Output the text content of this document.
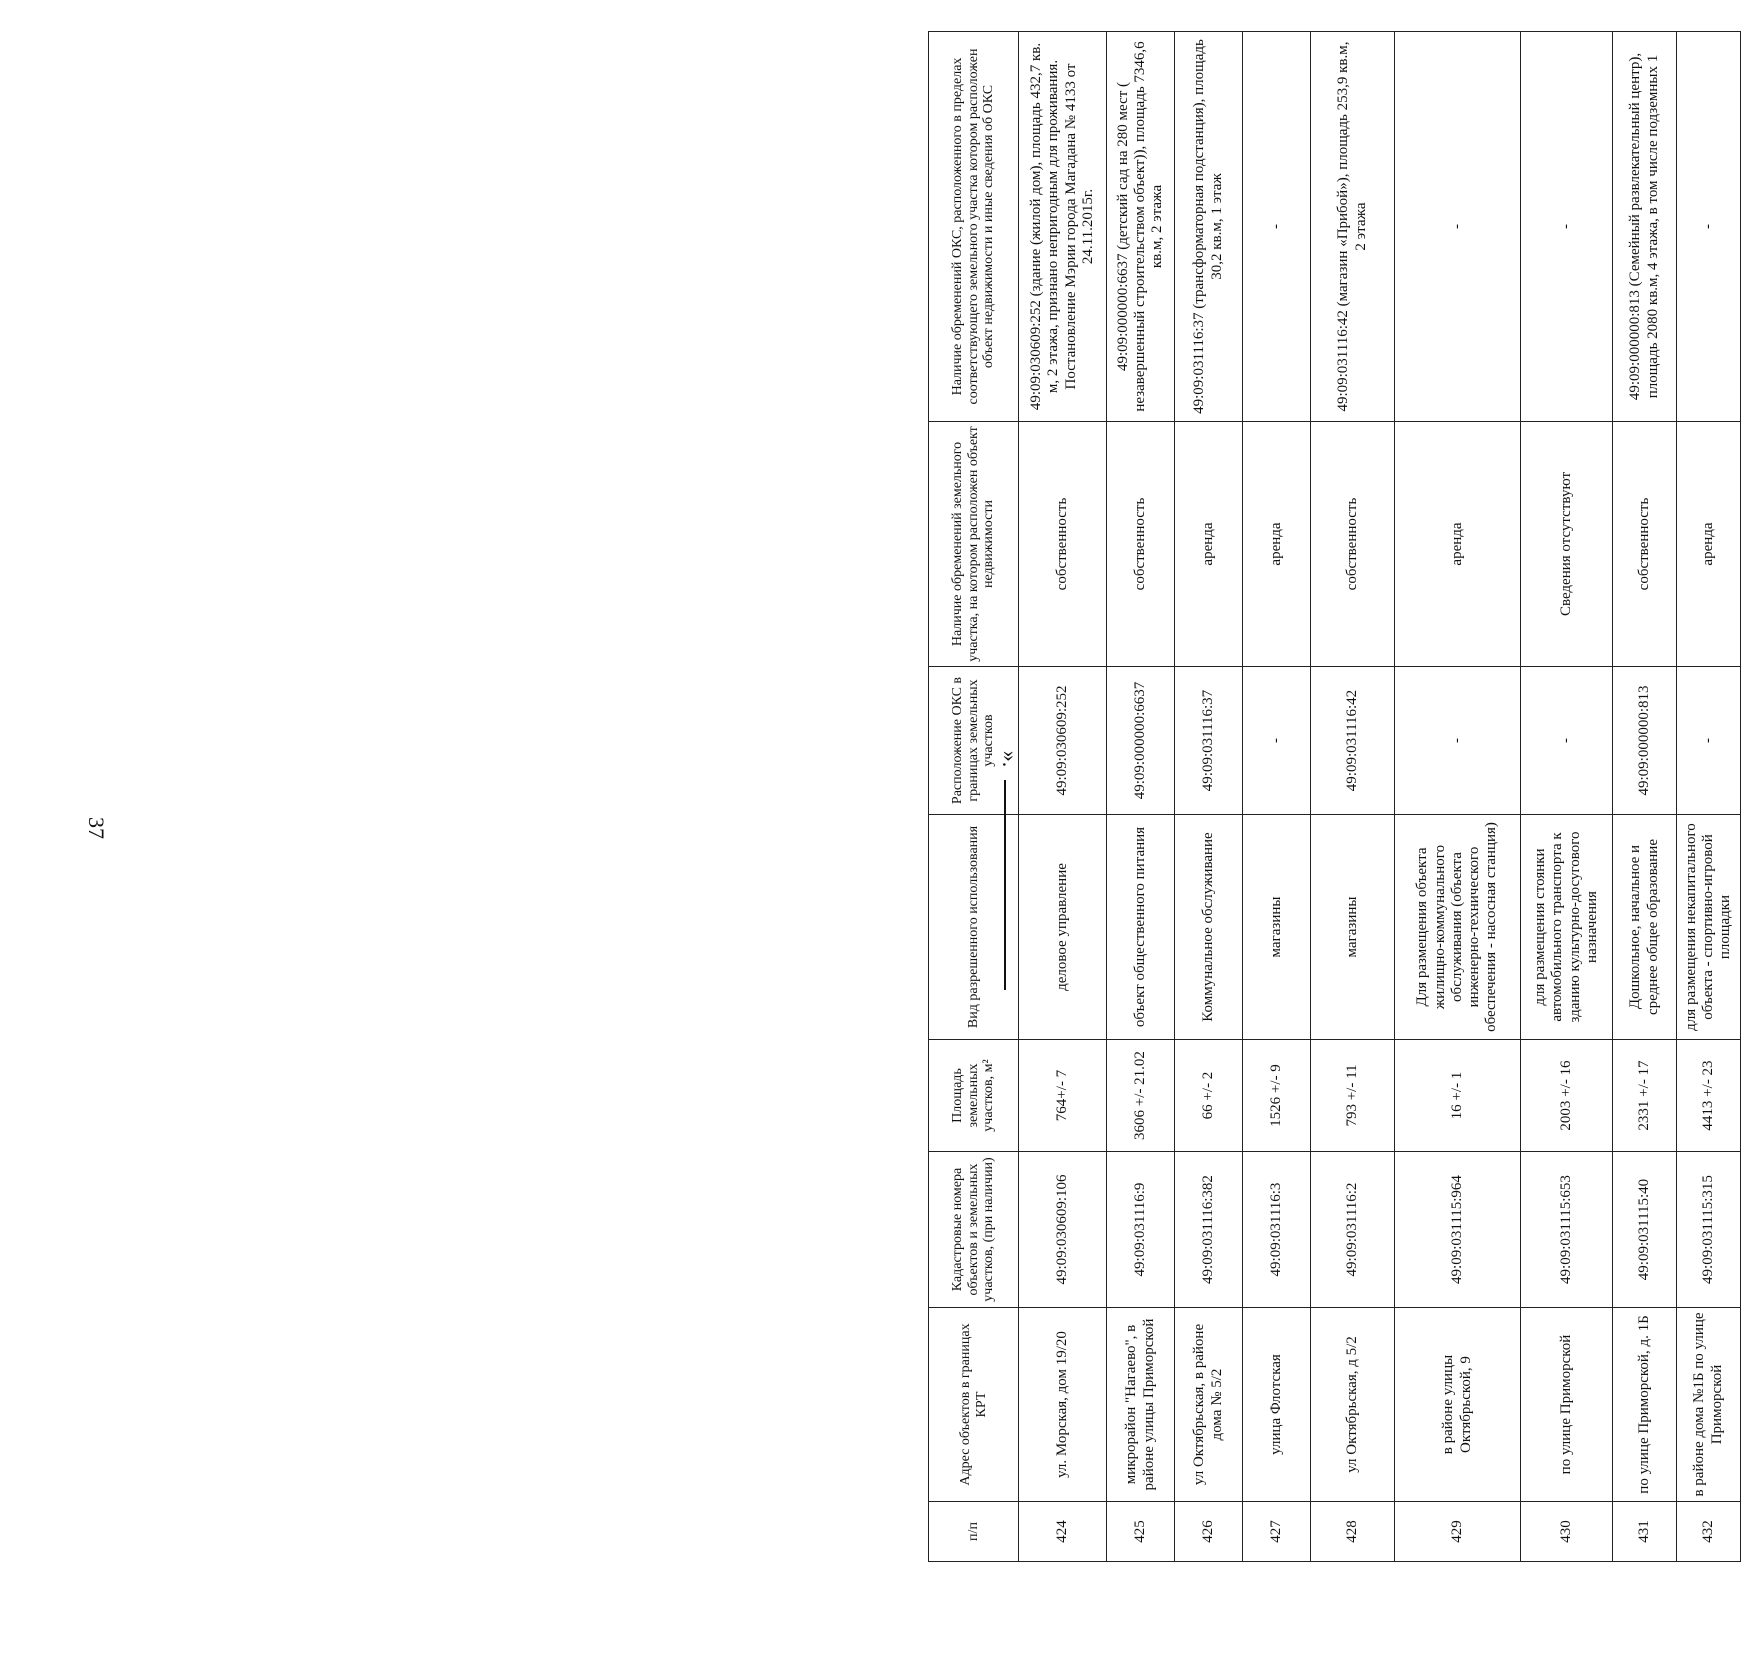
37
п/п	Адрес объектов в границах КРТ	Кадастровые номера объектов и земельных участков, (при наличии)	Площадь земельных участков, м²	Вид разрешенного использования	Расположение ОКС в границах земельных участков	Наличие обременений земельного участка, на котором расположен объект недвижимости	Наличие обременений ОКС, расположенного в пределах соответствующего земельного участка котором расположен объект недвижимости и иные сведения об ОКС
424	ул. Морская, дом 19/20	49:09:030609:106	764+/- 7	деловое управление	49:09:030609:252	собственность	49:09:030609:252 (здание (жилой дом), площадь 432,7 кв. м, 2 этажа, признано непригодным для проживания. Постановление Мэрии города Магадана № 4133 от 24.11.2015г.
425	микрорайон "Нагаево", в районе улицы Приморской	49:09:031116:9	3606 +/- 21.02	объект общественного питания	49:09:000000:6637	собственность	49:09:000000:6637 (детский сад на 280 мест ( незавершенный строительством объект)), площадь 7346,6 кв.м, 2 этажа
426	ул Октябрьская, в районе дома № 5/2	49:09:031116:382	66 +/- 2	Коммунальное обслуживание	49:09:031116:37	аренда	49:09:031116:37 (трансформаторная подстанция), площадь 30,2 кв.м, 1 этаж
427	улица Флотская	49:09:031116:3	1526 +/- 9	магазины	-	аренда	-
428	ул Октябрьская, д 5/2	49:09:031116:2	793 +/- 11	магазины	49:09:031116:42	собственность	49:09:031116:42 (магазин «Прибой»), площадь 253,9 кв.м, 2 этажа
429	в районе улицы Октябрьской, 9	49:09:031115:964	16 +/- 1	Для размещения объекта жилищно-коммунального обслуживания (объекта инженерно-технического обеспечения - насосная станция)	-	аренда	-
430	по улице Приморской	49:09:031115:653	2003 +/- 16	для размещения стоянки автомобильного транспорта к зданию культурно-досугового назначения	-	Сведения отсутствуют	-
431	по улице Приморской, д. 1Б	49:09:031115:40	2331 +/- 17	Дошкольное, начальное и среднее общее образование	49:09:000000:813	собственность	49:09:000000:813 (Семейный развлекательный центр), площадь 2080 кв.м, 4 этажа, в том числе подземных 1
432	в районе дома №1Б по улице Приморской	49:09:031115:315	4413 +/- 23	для размещения некапитального объекта - спортивно-игровой площадки	-	аренда	-
».
